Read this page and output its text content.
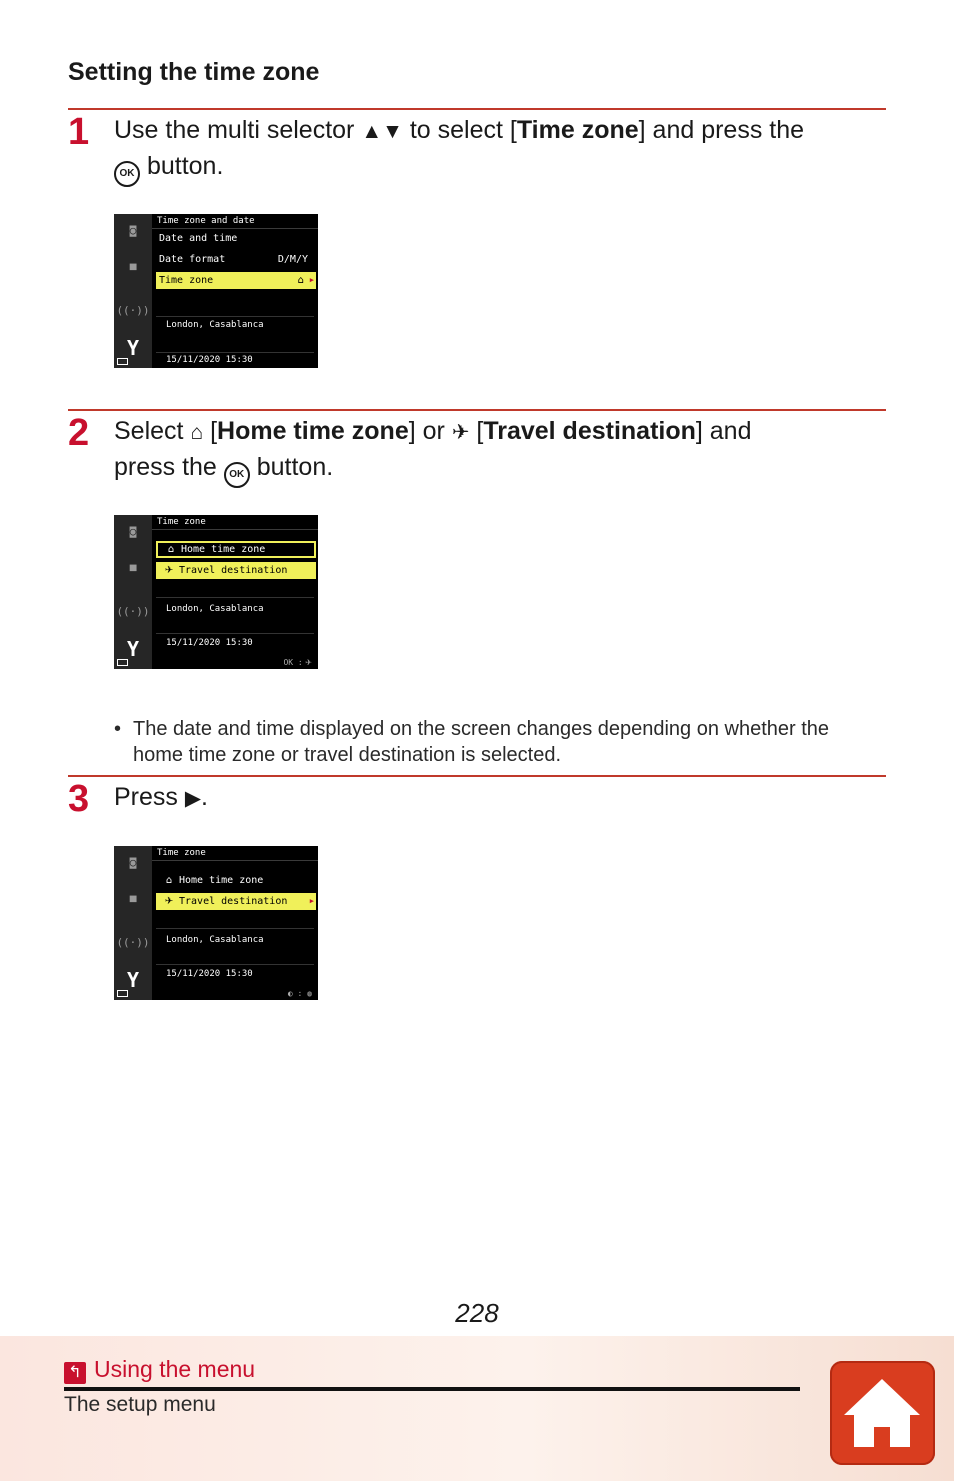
Setting the time zone
1 Use the multi selector ▲▼ to select [Time zone] and press the
OK button.
◙
▀
((·))
Y
Time zone and date
Date and time
Date format	D/M/Y
Time zone	⌂ ▶
London, Casablanca
15/11/2020 15:30
2 Select ⌂ [Home time zone] or ✈ [Travel destination] and
press the OK button.
◙
▀
((·))
Y
Time zone
⌂ Home time zone
✈ Travel destination
London, Casablanca
15/11/2020 15:30
OK : ✈
• The date and time displayed on the screen changes depending on whether the home time zone or travel destination is selected.
3 Press ▶.
◙
▀
((·))
Y
Time zone
⌂ Home time zone
✈ Travel destination	▶
London, Casablanca
15/11/2020 15:30
◐ : ◍
228
↰ Using the menu
The setup menu
